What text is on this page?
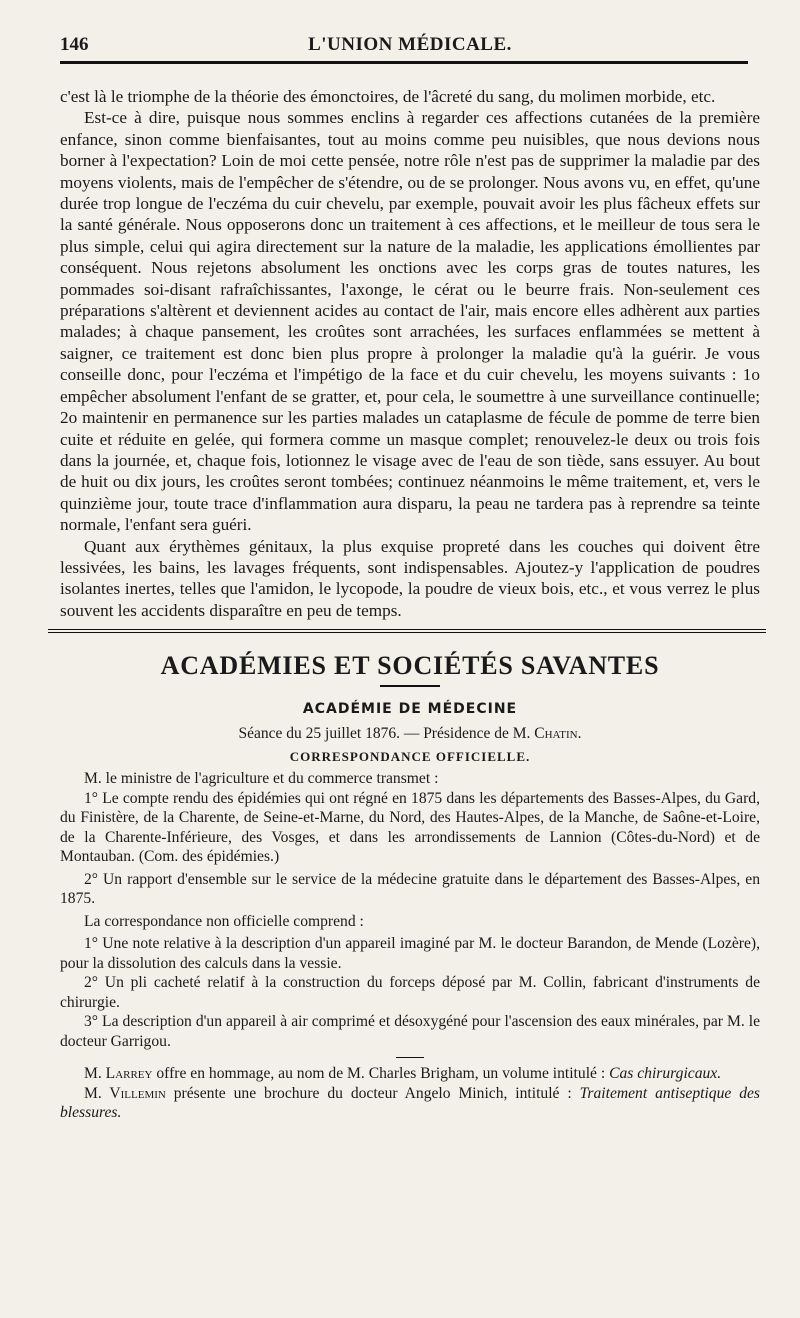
146	L'UNION MÉDICALE.

c'est là le triomphe de la théorie des émonctoires, de l'âcreté du sang, du molimen morbide, etc.

Est-ce à dire, puisque nous sommes enclins à regarder ces affections cutanées de la première enfance, sinon comme bienfaisantes, tout au moins comme peu nuisibles, que nous devions nous borner à l'expectation? Loin de moi cette pensée, notre rôle n'est pas de supprimer la maladie par des moyens violents, mais de l'empêcher de s'étendre, ou de se prolonger. Nous avons vu, en effet, qu'une durée trop longue de l'eczéma du cuir chevelu, par exemple, pouvait avoir les plus fâcheux effets sur la santé générale. Nous opposerons donc un traitement à ces affections, et le meilleur de tous sera le plus simple, celui qui agira directement sur la nature de la maladie, les applications émollientes par conséquent. Nous rejetons absolument les onctions avec les corps gras de toutes natures, les pommades soi-disant rafraîchissantes, l'axonge, le cérat ou le beurre frais. Non-seulement ces préparations s'altèrent et deviennent acides au contact de l'air, mais encore elles adhèrent aux parties malades; à chaque pansement, les croûtes sont arrachées, les surfaces enflammées se mettent à saigner, ce traitement est donc bien plus propre à prolonger la maladie qu'à la guérir. Je vous conseille donc, pour l'eczéma et l'impétigo de la face et du cuir chevelu, les moyens suivants : 1o empêcher absolument l'enfant de se gratter, et, pour cela, le soumettre à une surveillance continuelle; 2o maintenir en permanence sur les parties malades un cataplasme de fécule de pomme de terre bien cuite et réduite en gelée, qui formera comme un masque complet; renouvelez-le deux ou trois fois dans la journée, et, chaque fois, lotionnez le visage avec de l'eau de son tiède, sans essuyer. Au bout de huit ou dix jours, les croûtes seront tombées; continuez néanmoins le même traitement, et, vers le quinzième jour, toute trace d'inflammation aura disparu, la peau ne tardera pas à reprendre sa teinte normale, l'enfant sera guéri.

Quant aux érythèmes génitaux, la plus exquise propreté dans les couches qui doivent être lessivées, les bains, les lavages fréquents, sont indispensables. Ajoutez-y l'application de poudres isolantes inertes, telles que l'amidon, le lycopode, la poudre de vieux bois, etc., et vous verrez le plus souvent les accidents disparaître en peu de temps.

ACADÉMIES ET SOCIÉTÉS SAVANTES
ACADÉMIE DE MÉDECINE
Séance du 25 juillet 1876. — Présidence de M. Chatin.
CORRESPONDANCE OFFICIELLE.

M. le ministre de l'agriculture et du commerce transmet :

1° Le compte rendu des épidémies qui ont régné en 1875 dans les départements des Basses-Alpes, du Gard, du Finistère, de la Charente, de Seine-et-Marne, du Nord, des Hautes-Alpes, de la Manche, de Saône-et-Loire, de la Charente-Inférieure, des Vosges, et dans les arrondissements de Lannion (Côtes-du-Nord) et de Montauban. (Com. des épidémies.)

2° Un rapport d'ensemble sur le service de la médecine gratuite dans le département des Basses-Alpes, en 1875.

La correspondance non officielle comprend :

1° Une note relative à la description d'un appareil imaginé par M. le docteur Barandon, de Mende (Lozère), pour la dissolution des calculs dans la vessie.

2° Un pli cacheté relatif à la construction du forceps déposé par M. Collin, fabricant d'instruments de chirurgie.

3° La description d'un appareil à air comprimé et désoxygéné pour l'ascension des eaux minérales, par M. le docteur Garrigou.

M. Larrey offre en hommage, au nom de M. Charles Brigham, un volume intitulé : Cas chirurgicaux.

M. Villemin présente une brochure du docteur Angelo Minich, intitulé : Traitement antiseptique des blessures.
